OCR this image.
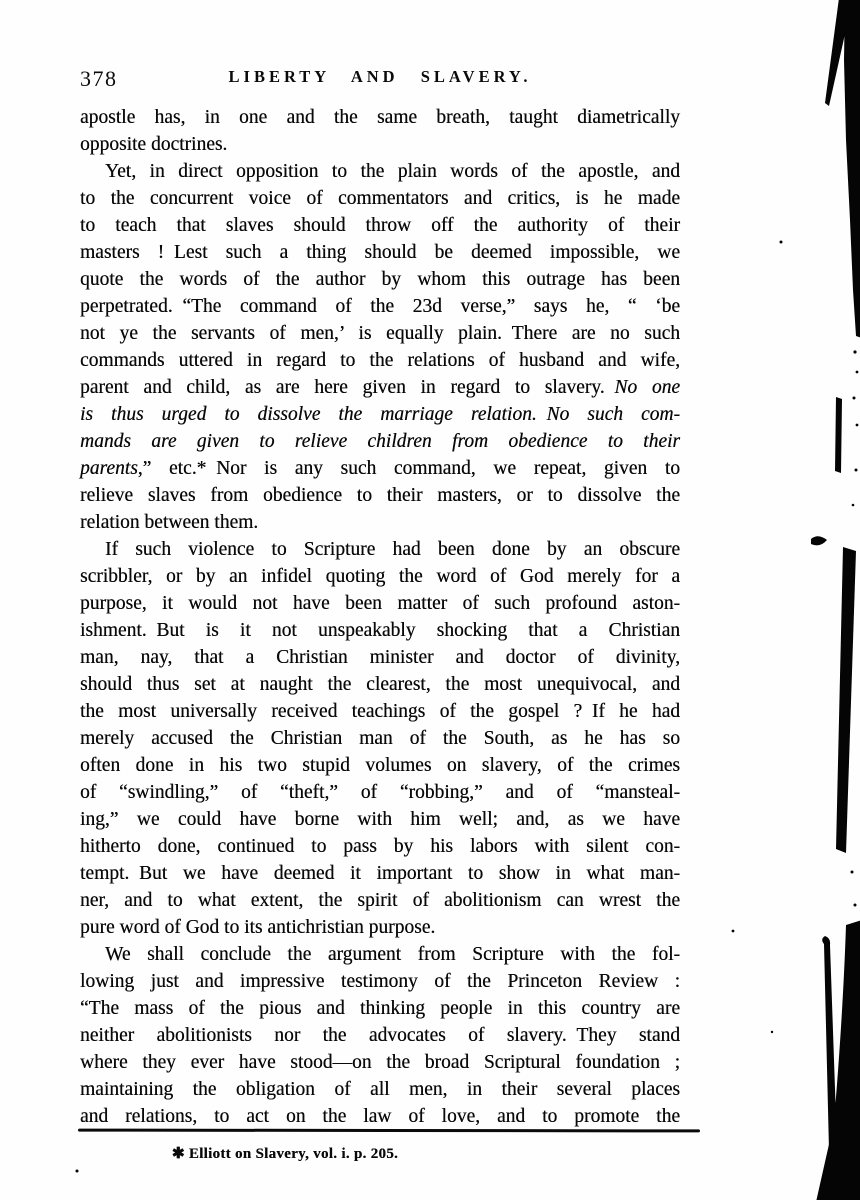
378	LIBERTY AND SLAVERY.
apostle has, in one and the same breath, taught diametrically
opposite doctrines.
Yet, in direct opposition to the plain words of the apostle, and
to the concurrent voice of commentators and critics, is he made
to teach that slaves should throw off the authority of their
masters ! Lest such a thing should be deemed impossible, we
quote the words of the author by whom this outrage has been
perpetrated. “The command of the 23d verse,” says he, “ ‘be
not ye the servants of men,’ is equally plain. There are no such
commands uttered in regard to the relations of husband and wife,
parent and child, as are here given in regard to slavery. No one
is thus urged to dissolve the marriage relation. No such com-
mands are given to relieve children from obedience to their
parents,” etc.* Nor is any such command, we repeat, given to
relieve slaves from obedience to their masters, or to dissolve the
relation between them.
If such violence to Scripture had been done by an obscure
scribbler, or by an infidel quoting the word of God merely for a
purpose, it would not have been matter of such profound aston-
ishment. But is it not unspeakably shocking that a Christian
man, nay, that a Christian minister and doctor of divinity,
should thus set at naught the clearest, the most unequivocal, and
the most universally received teachings of the gospel ? If he had
merely accused the Christian man of the South, as he has so
often done in his two stupid volumes on slavery, of the crimes
of “swindling,” of “theft,” of “robbing,” and of “mansteal-
ing,” we could have borne with him well; and, as we have
hitherto done, continued to pass by his labors with silent con-
tempt. But we have deemed it important to show in what man-
ner, and to what extent, the spirit of abolitionism can wrest the
pure word of God to its antichristian purpose.
We shall conclude the argument from Scripture with the fol-
lowing just and impressive testimony of the Princeton Review :
“The mass of the pious and thinking people in this country are
neither abolitionists nor the advocates of slavery. They stand
where they ever have stood—on the broad Scriptural foundation ;
maintaining the obligation of all men, in their several places
and relations, to act on the law of love, and to promote the
✱ Elliott on Slavery, vol. i. p. 205.
